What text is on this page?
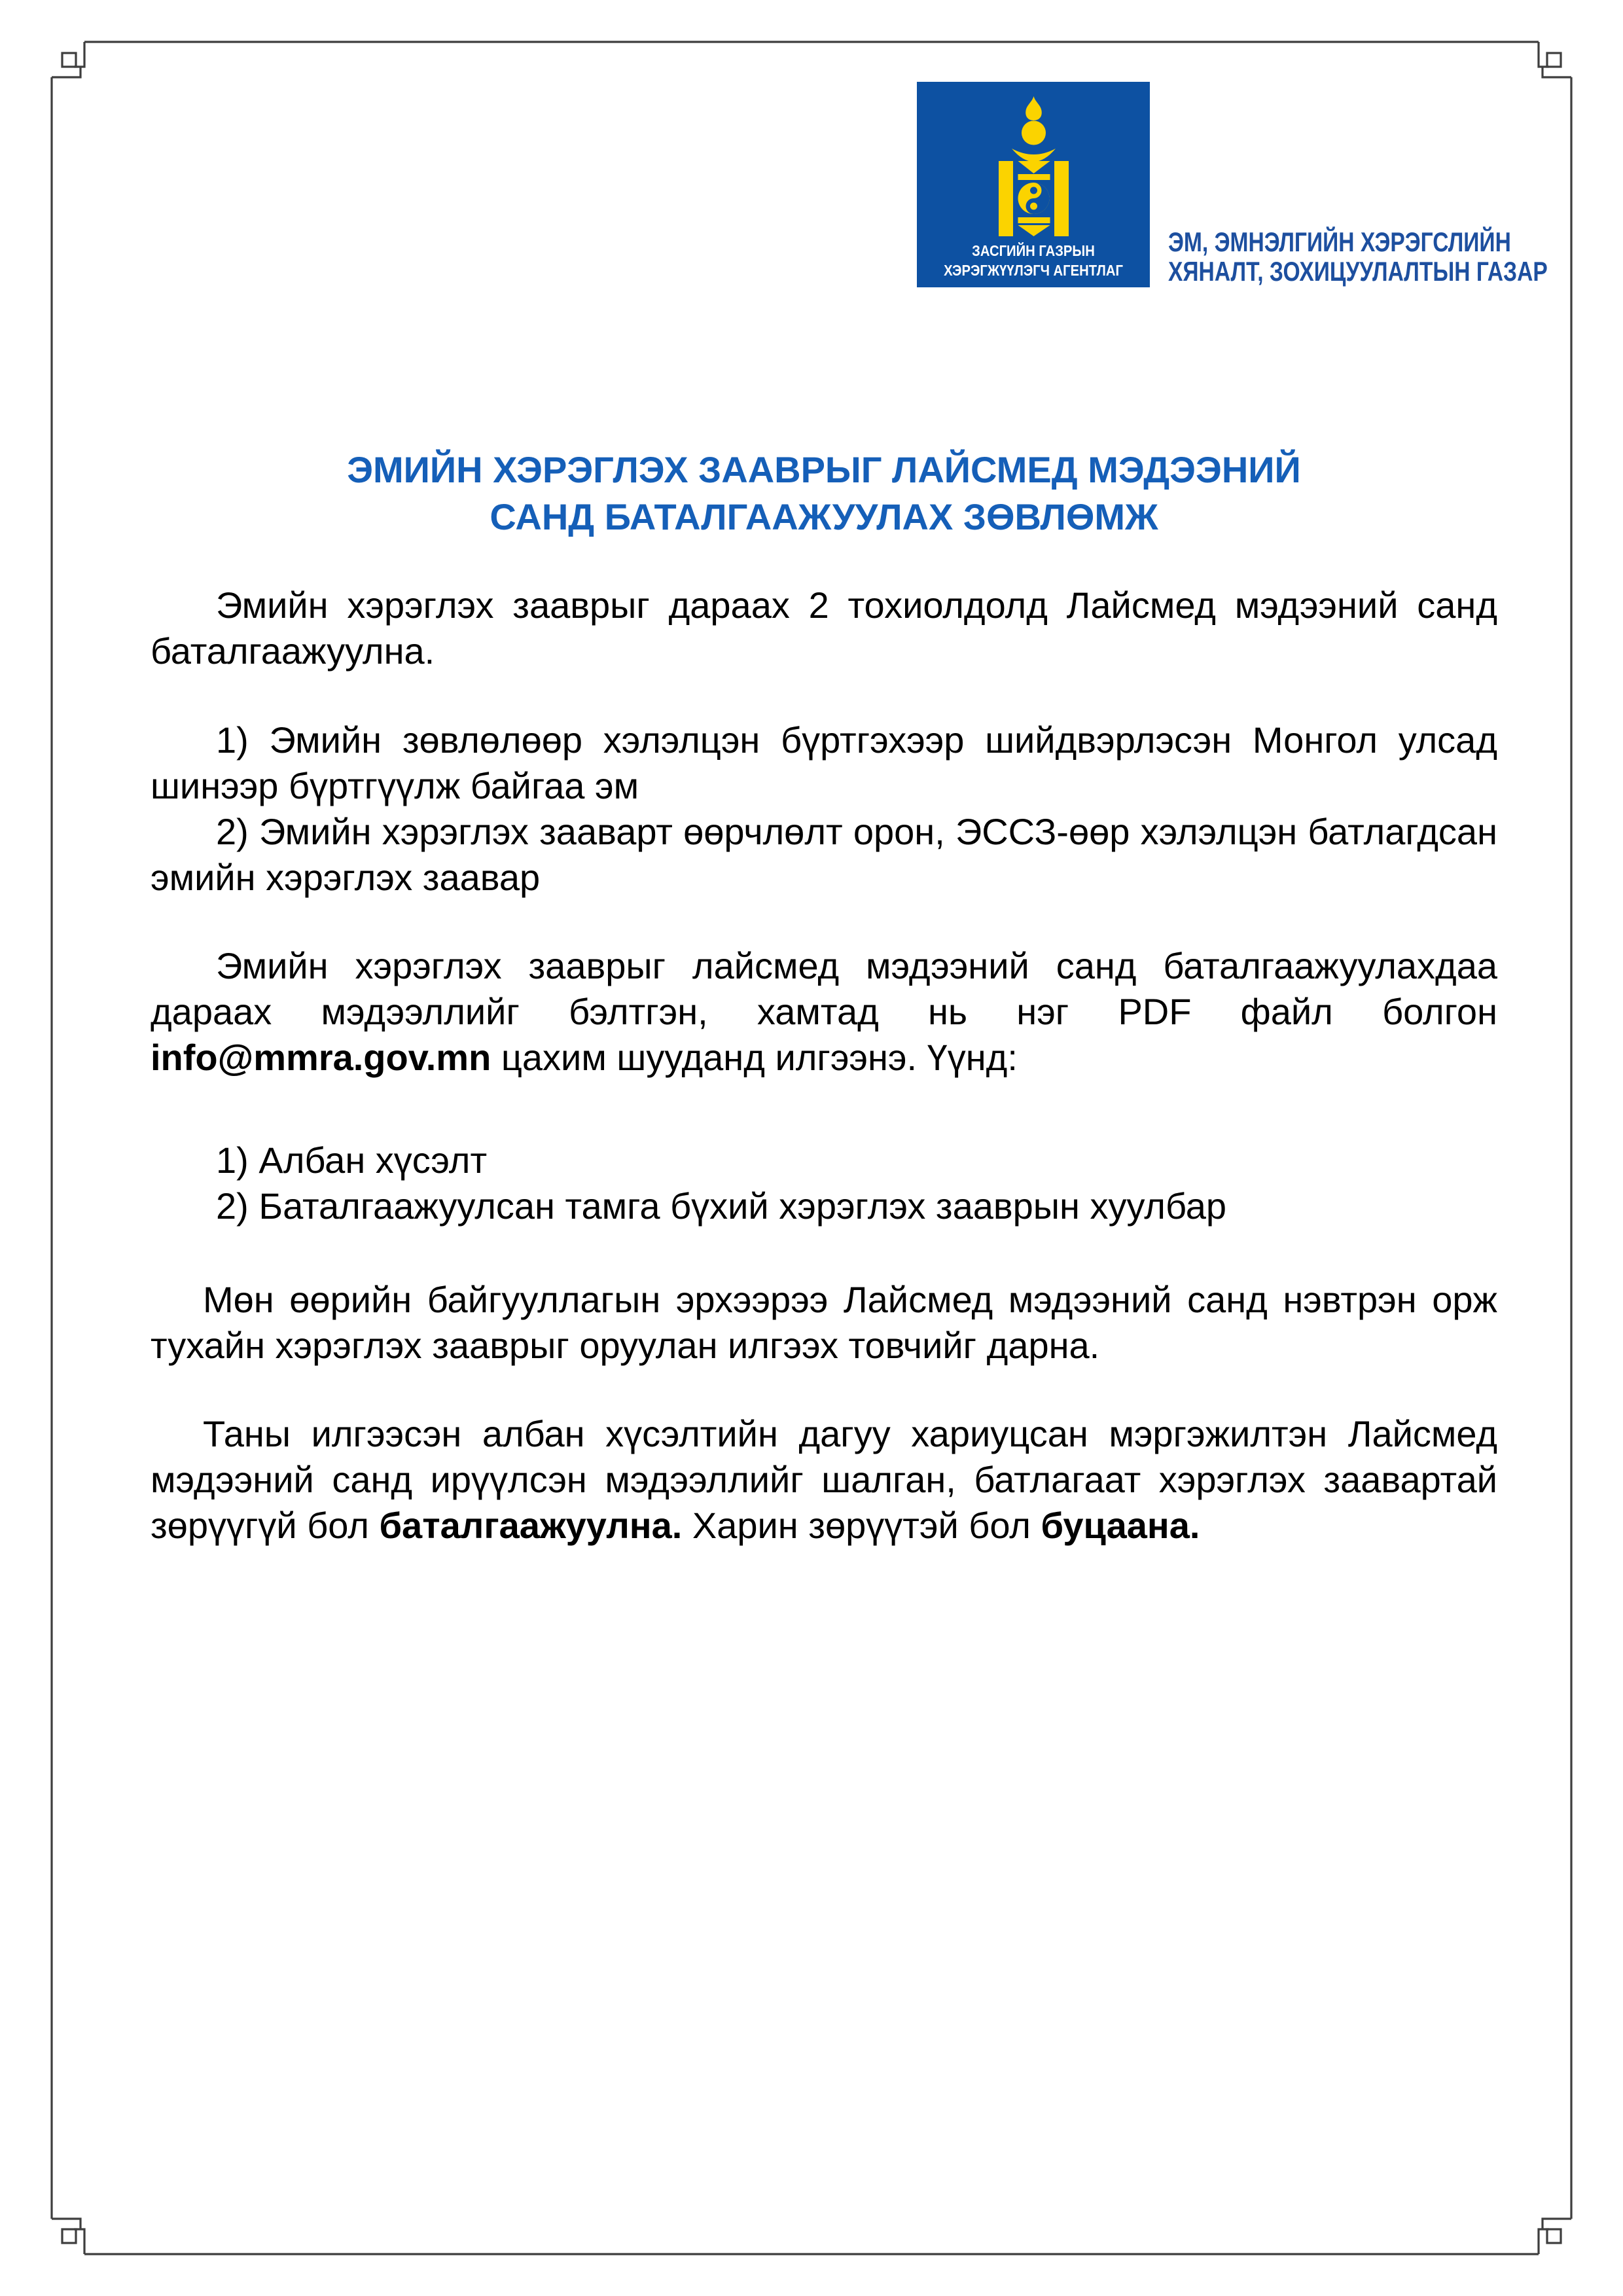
ЗАСГИЙН ГАЗРЫН
ХЭРЭГЖҮҮЛЭГЧ АГЕНТЛАГ
ЭМ, ЭМНЭЛГИЙН ХЭРЭГСЛИЙН
ХЯНАЛТ, ЗОХИЦУУЛАЛТЫН ГАЗАР
ЭМИЙН ХЭРЭГЛЭХ ЗААВРЫГ ЛАЙСМЕД МЭДЭЭНИЙ
САНД БАТАЛГААЖУУЛАХ ЗӨВЛӨМЖ

Эмийн хэрэглэх зааврыг дараах 2 тохиолдолд Лайсмед мэдээний санд баталгаажуулна.

1) Эмийн зөвлөлөөр хэлэлцэн бүртгэхээр шийдвэрлэсэн Монгол улсад шинээр бүртгүүлж байгаа эм

2) Эмийн хэрэглэх зааварт өөрчлөлт орон, ЭССЗ-өөр хэлэлцэн батлагдсан эмийн хэрэглэх заавар

Эмийн хэрэглэх зааврыг лайсмед мэдээний санд баталгаажуулахдаа дараах мэдээллийг бэлтгэн, хамтад нь нэг PDF файл болгон info@mmra.gov.mn цахим шууданд илгээнэ. Үүнд:

1) Албан хүсэлт

2) Баталгаажуулсан тамга бүхий хэрэглэх зааврын хуулбар

Мөн өөрийн байгууллагын эрхээрээ Лайсмед мэдээний санд нэвтрэн орж тухайн хэрэглэх зааврыг оруулан илгээх товчийг дарна.

Таны илгээсэн албан хүсэлтийн дагуу хариуцсан мэргэжилтэн Лайсмед мэдээний санд ирүүлсэн мэдээллийг шалган, батлагаат хэрэглэх заавартай зөрүүгүй бол баталгаажуулна. Харин зөрүүтэй бол буцаана.
